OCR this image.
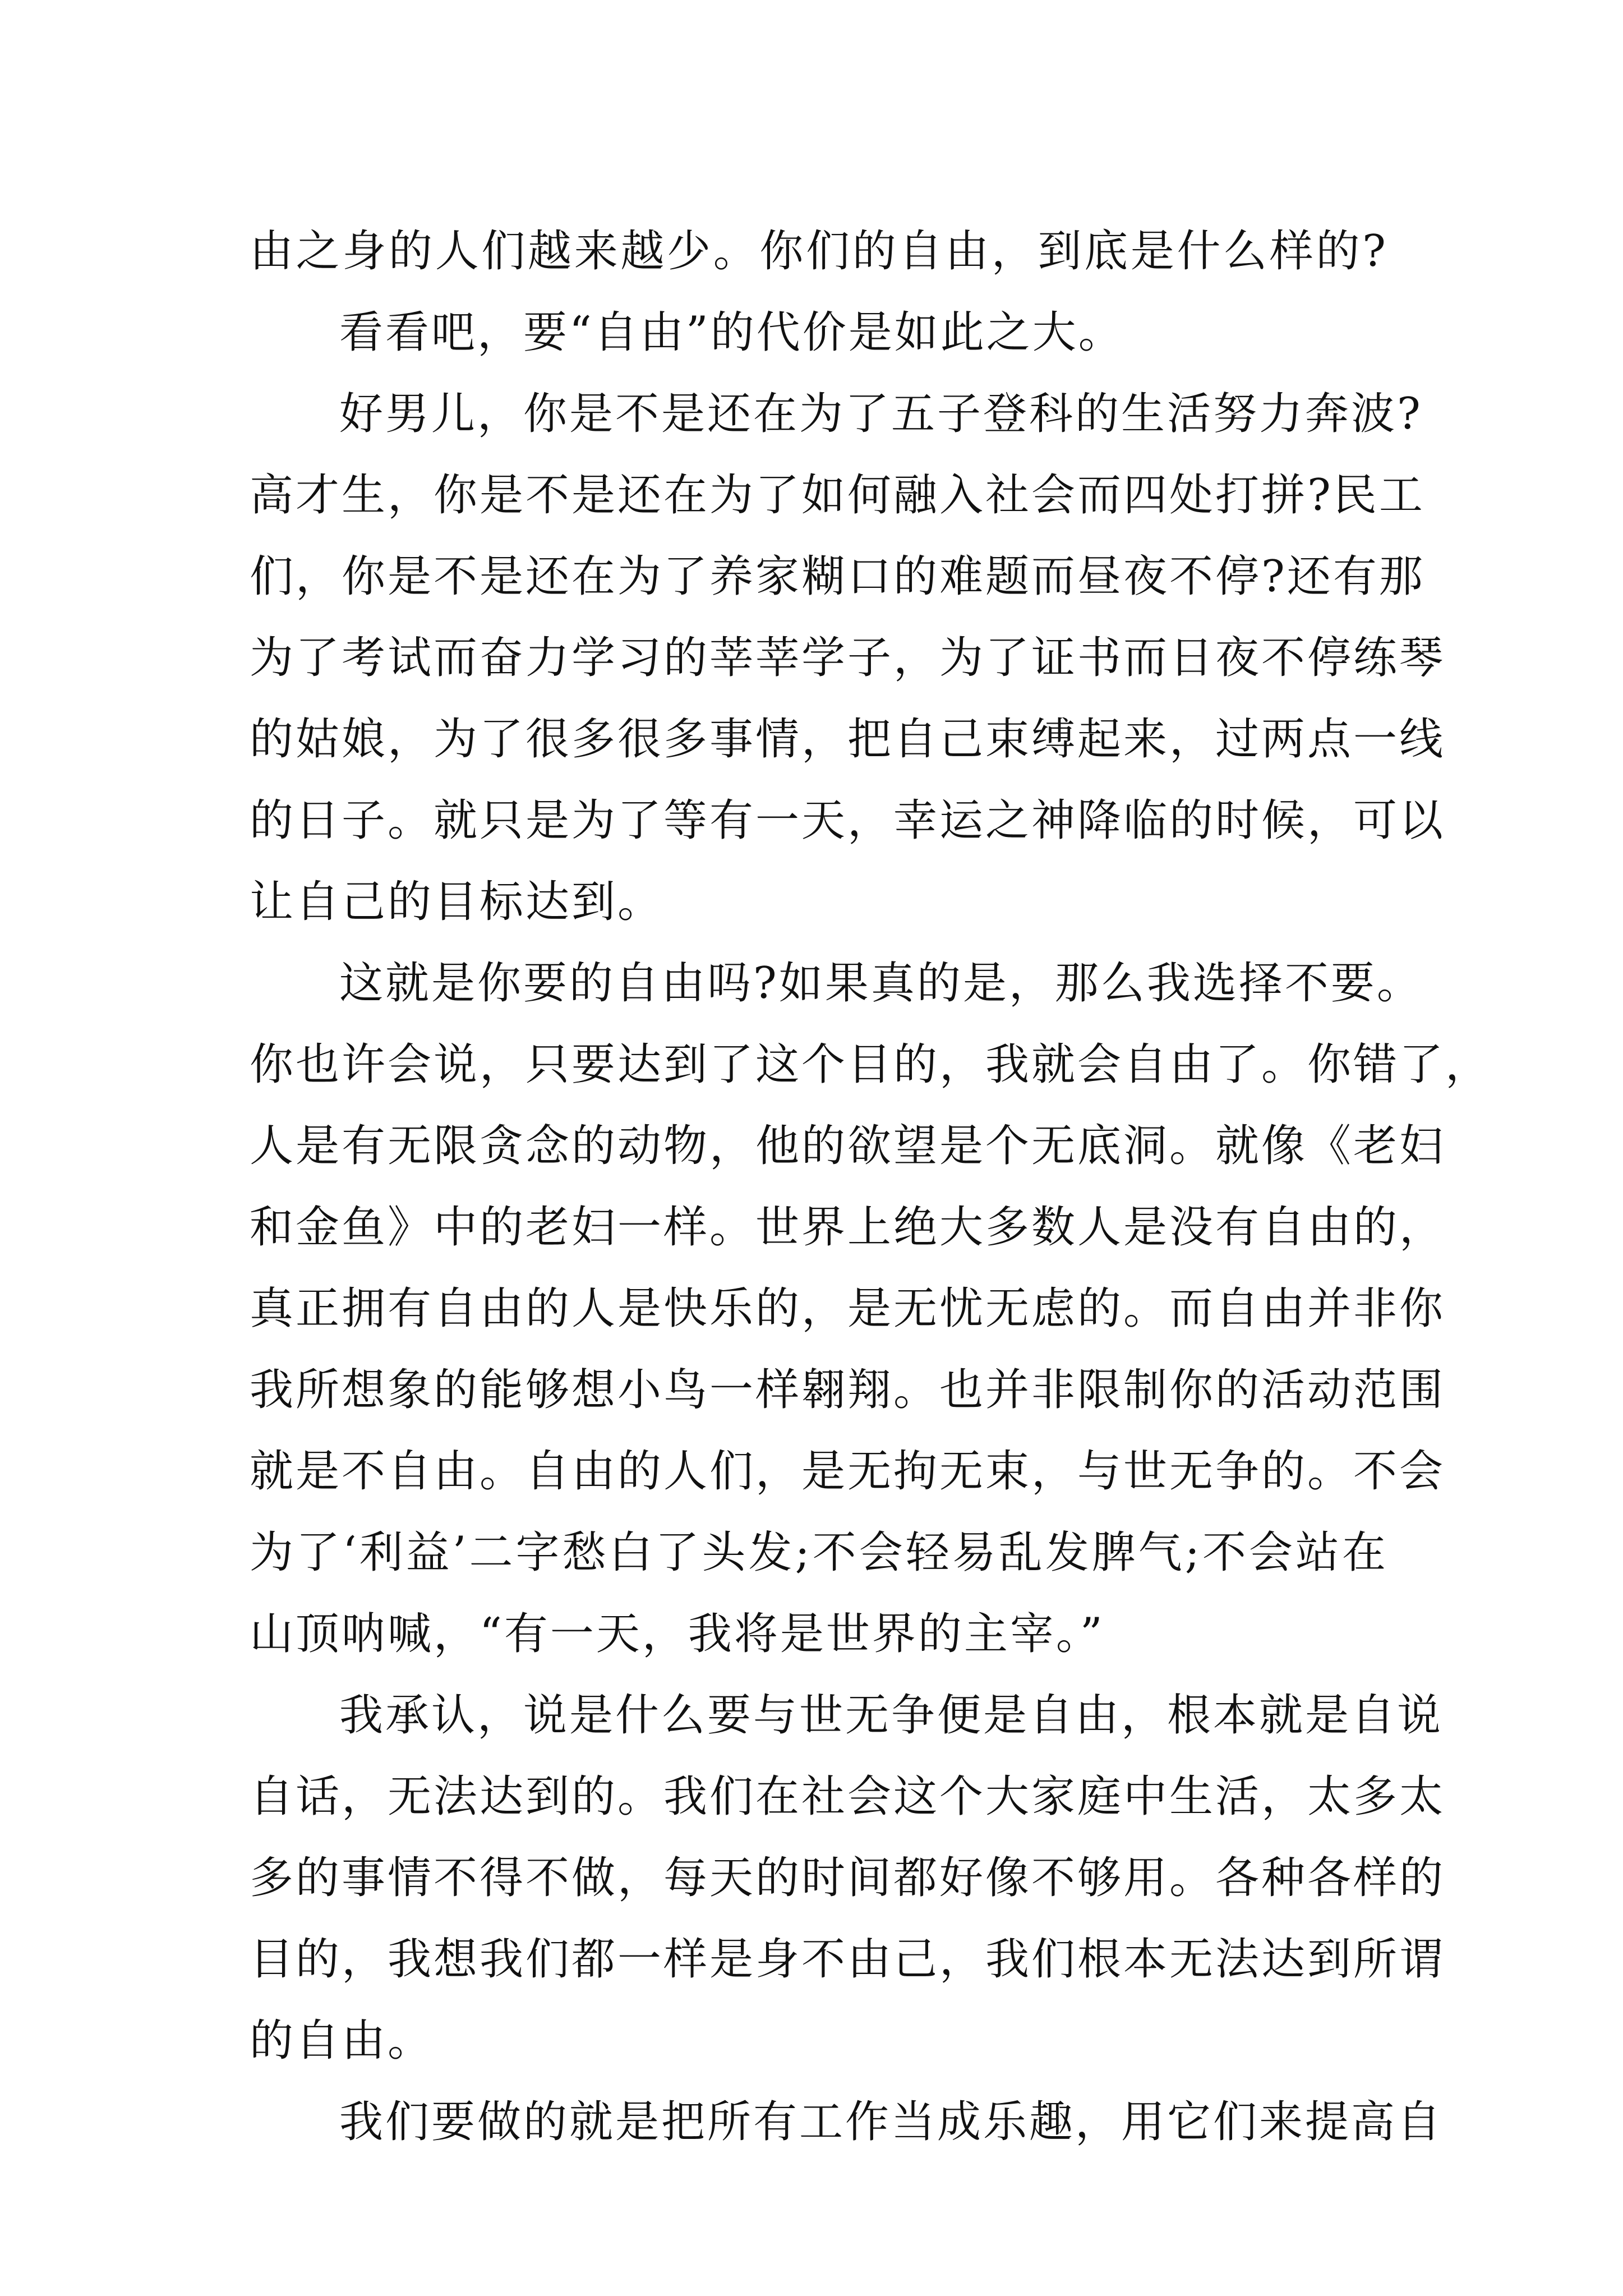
由之身的人们越来越少。你们的自由，到底是什么样的?
看看吧，要“自由”的代价是如此之大。
好男儿，你是不是还在为了五子登科的生活努力奔波?
高才生，你是不是还在为了如何融入社会而四处打拼?民工
们，你是不是还在为了养家糊口的难题而昼夜不停?还有那
为了考试而奋力学习的莘莘学子，为了证书而日夜不停练琴
的姑娘，为了很多很多事情，把自己束缚起来，过两点一线
的日子。就只是为了等有一天，幸运之神降临的时候，可以
让自己的目标达到。
这就是你要的自由吗?如果真的是，那么我选择不要。
你也许会说，只要达到了这个目的，我就会自由了。你错了，
人是有无限贪念的动物，他的欲望是个无底洞。就像《老妇
和金鱼》中的老妇一样。世界上绝大多数人是没有自由的，
真正拥有自由的人是快乐的，是无忧无虑的。而自由并非你
我所想象的能够想小鸟一样翱翔。也并非限制你的活动范围
就是不自由。自由的人们，是无拘无束，与世无争的。不会
为了‘利益’二字愁白了头发;不会轻易乱发脾气;不会站在
山顶呐喊，“有一天，我将是世界的主宰。”
我承认，说是什么要与世无争便是自由，根本就是自说
自话，无法达到的。我们在社会这个大家庭中生活，太多太
多的事情不得不做，每天的时间都好像不够用。各种各样的
目的，我想我们都一样是身不由己，我们根本无法达到所谓
的自由。
我们要做的就是把所有工作当成乐趣，用它们来提高自
